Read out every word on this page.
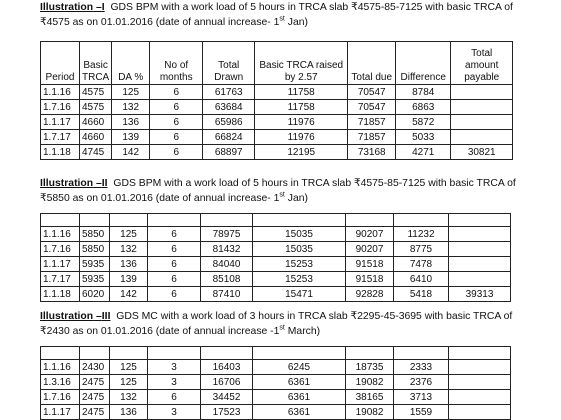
Illustration –I GDS BPM with a work load of 5 hours in TRCA slab ₹4575-85-7125 with basic TRCA of

₹4575 as on 01.01.2016 (date of annual increase- 1st Jan)

Period	Basic TRCA	DA %	No of months	Total Drawn	Basic TRCA raised by 2.57	Total due	Difference	Total amount payable
1.1.16	4575	125	6	61763	11758	70547	8784	
1.7.16	4575	132	6	63684	11758	70547	6863	
1.1.17	4660	136	6	65986	11976	71857	5872	
1.7.17	4660	139	6	66824	11976	71857	5033	
1.1.18	4745	142	6	68897	12195	73168	4271	30821

Illustration –II GDS BPM with a work load of 5 hours in TRCA slab ₹4575-85-7125 with basic TRCA of

₹5850 as on 01.01.2016 (date of annual increase- 1st Jan)

1.1.16	5850	125	6	78975	15035	90207	11232	
1.7.16	5850	132	6	81432	15035	90207	8775	
1.1.17	5935	136	6	84040	15253	91518	7478	
1.7.17	5935	139	6	85108	15253	91518	6410	
1.1.18	6020	142	6	87410	15471	92828	5418	39313

Illustration –III GDS MC with a work load of 3 hours in TRCA slab ₹2295-45-3695 with basic TRCA of

₹2430 as on 01.01.2016 (date of annual increase -1st March)

1.1.16	2430	125	3	16403	6245	18735	2333	
1.3.16	2475	125	3	16706	6361	19082	2376	
1.7.16	2475	132	6	34452	6361	38165	3713	
1.1.17	2475	136	3	17523	6361	19082	1559	
